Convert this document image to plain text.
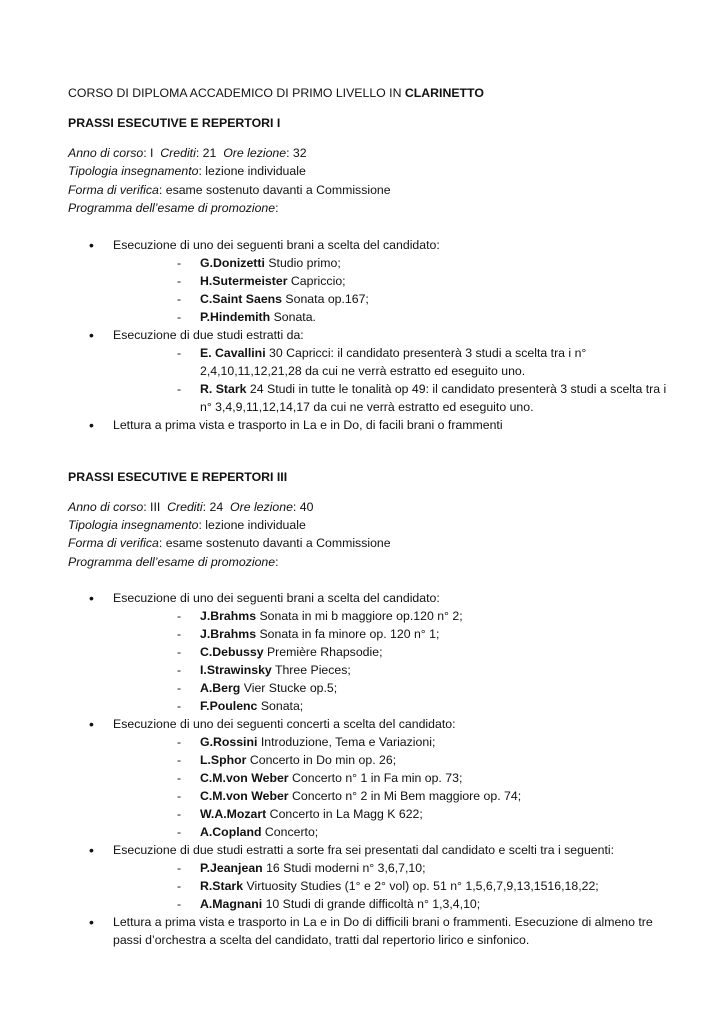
CORSO DI DIPLOMA ACCADEMICO DI PRIMO LIVELLO IN CLARINETTO

PRASSI ESECUTIVE E REPERTORI I

Anno di corso: I  Crediti: 21  Ore lezione: 32
Tipologia insegnamento: lezione individuale
Forma di verifica: esame sostenuto davanti a Commissione
Programma dell’esame di promozione:
• Esecuzione di uno dei seguenti brani a scelta del candidato:
- G.Donizetti Studio primo;
- H.Sutermeister Capriccio;
- C.Saint Saens Sonata op.167;
- P.Hindemith Sonata.
• Esecuzione di due studi estratti da:
- E. Cavallini 30 Capricci: il candidato presenterà 3 studi a scelta tra i n° 2,4,10,11,12,21,28 da cui ne verrà estratto ed eseguito uno.
- R. Stark 24 Studi in tutte le tonalità op 49: il candidato presenterà 3 studi a scelta tra i n° 3,4,9,11,12,14,17 da cui ne verrà estratto ed eseguito uno.
• Lettura a prima vista e trasporto in La e in Do, di facili brani o frammenti

PRASSI ESECUTIVE E REPERTORI III

Anno di corso: III  Crediti: 24  Ore lezione: 40
Tipologia insegnamento: lezione individuale
Forma di verifica: esame sostenuto davanti a Commissione
Programma dell’esame di promozione:
• Esecuzione di uno dei seguenti brani a scelta del candidato:
- J.Brahms Sonata in mi b maggiore op.120 n° 2;
- J.Brahms Sonata in fa minore op. 120 n° 1;
- C.Debussy Première Rhapsodie;
- I.Strawinsky Three Pieces;
- A.Berg Vier Stucke op.5;
- F.Poulenc Sonata;
• Esecuzione di uno dei seguenti concerti a scelta del candidato:
- G.Rossini Introduzione, Tema e Variazioni;
- L.Sphor Concerto in Do min op. 26;
- C.M.von Weber Concerto n° 1 in Fa min op. 73;
- C.M.von Weber Concerto n° 2 in Mi Bem maggiore op. 74;
- W.A.Mozart Concerto in La Magg K 622;
- A.Copland Concerto;
• Esecuzione di due studi estratti a sorte fra sei presentati dal candidato e scelti tra i seguenti:
- P.Jeanjean 16 Studi moderni n° 3,6,7,10;
- R.Stark Virtuosity Studies (1° e 2° vol) op. 51 n° 1,5,6,7,9,13,1516,18,22;
- A.Magnani 10 Studi di grande difficoltà n° 1,3,4,10;
• Lettura a prima vista e trasporto in La e in Do di difficili brani o frammenti. Esecuzione di almeno tre passi d’orchestra a scelta del candidato, tratti dal repertorio lirico e sinfonico.
